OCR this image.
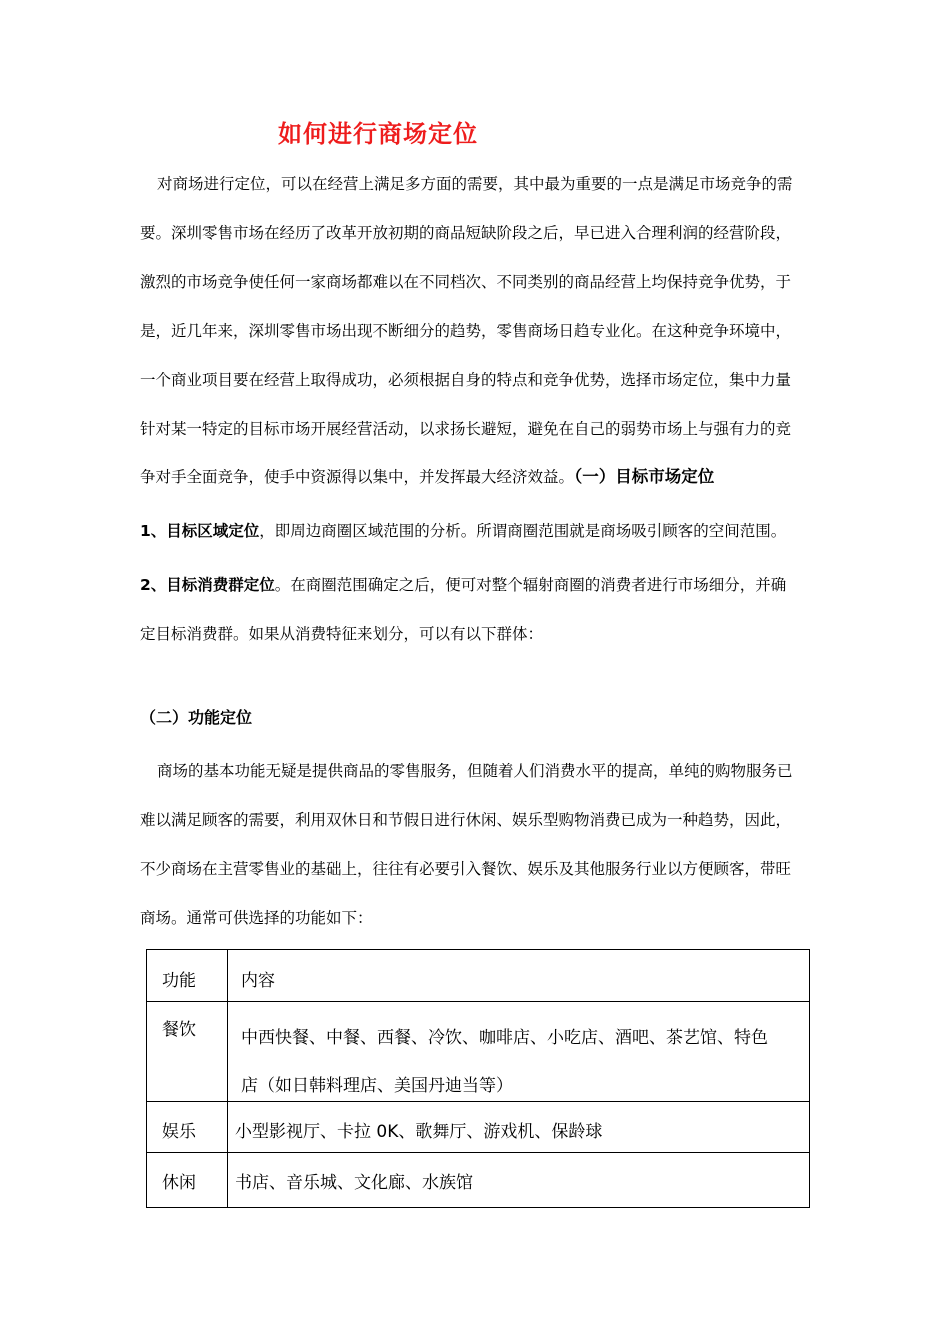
如何进行商场定位
对商场进行定位，可以在经营上满足多方面的需要，其中最为重要的一点是满足市场竞争的需
要。深圳零售市场在经历了改革开放初期的商品短缺阶段之后，早已进入合理利润的经营阶段，
激烈的市场竞争使任何一家商场都难以在不同档次、不同类别的商品经营上均保持竞争优势，于
是，近几年来，深圳零售市场出现不断细分的趋势，零售商场日趋专业化。在这种竞争环境中，
一个商业项目要在经营上取得成功，必须根据自身的特点和竞争优势，选择市场定位，集中力量
针对某一特定的目标市场开展经营活动，以求扬长避短，避免在自己的弱势市场上与强有力的竞
争对手全面竞争，使手中资源得以集中，并发挥最大经济效益。（一）目标市场定位
1、目标区域定位，即周边商圈区域范围的分析。所谓商圈范围就是商场吸引顾客的空间范围。
2、目标消费群定位。在商圈范围确定之后，便可对整个辐射商圈的消费者进行市场细分，并确
定目标消费群。如果从消费特征来划分，可以有以下群体：
（二）功能定位
商场的基本功能无疑是提供商品的零售服务，但随着人们消费水平的提高，单纯的购物服务已
难以满足顾客的需要，利用双休日和节假日进行休闲、娱乐型购物消费已成为一种趋势，因此，
不少商场在主营零售业的基础上，往往有必要引入餐饮、娱乐及其他服务行业以方便顾客，带旺
商场。通常可供选择的功能如下：
功能	内容

餐饮	中西快餐、中餐、西餐、冷饮、咖啡店、小吃店、酒吧、茶艺馆、特色
店（如日韩料理店、美国丹迪当等）

娱乐	小型影视厅、卡拉 0K、歌舞厅、游戏机、保龄球

休闲	书店、音乐城、文化廊、水族馆
